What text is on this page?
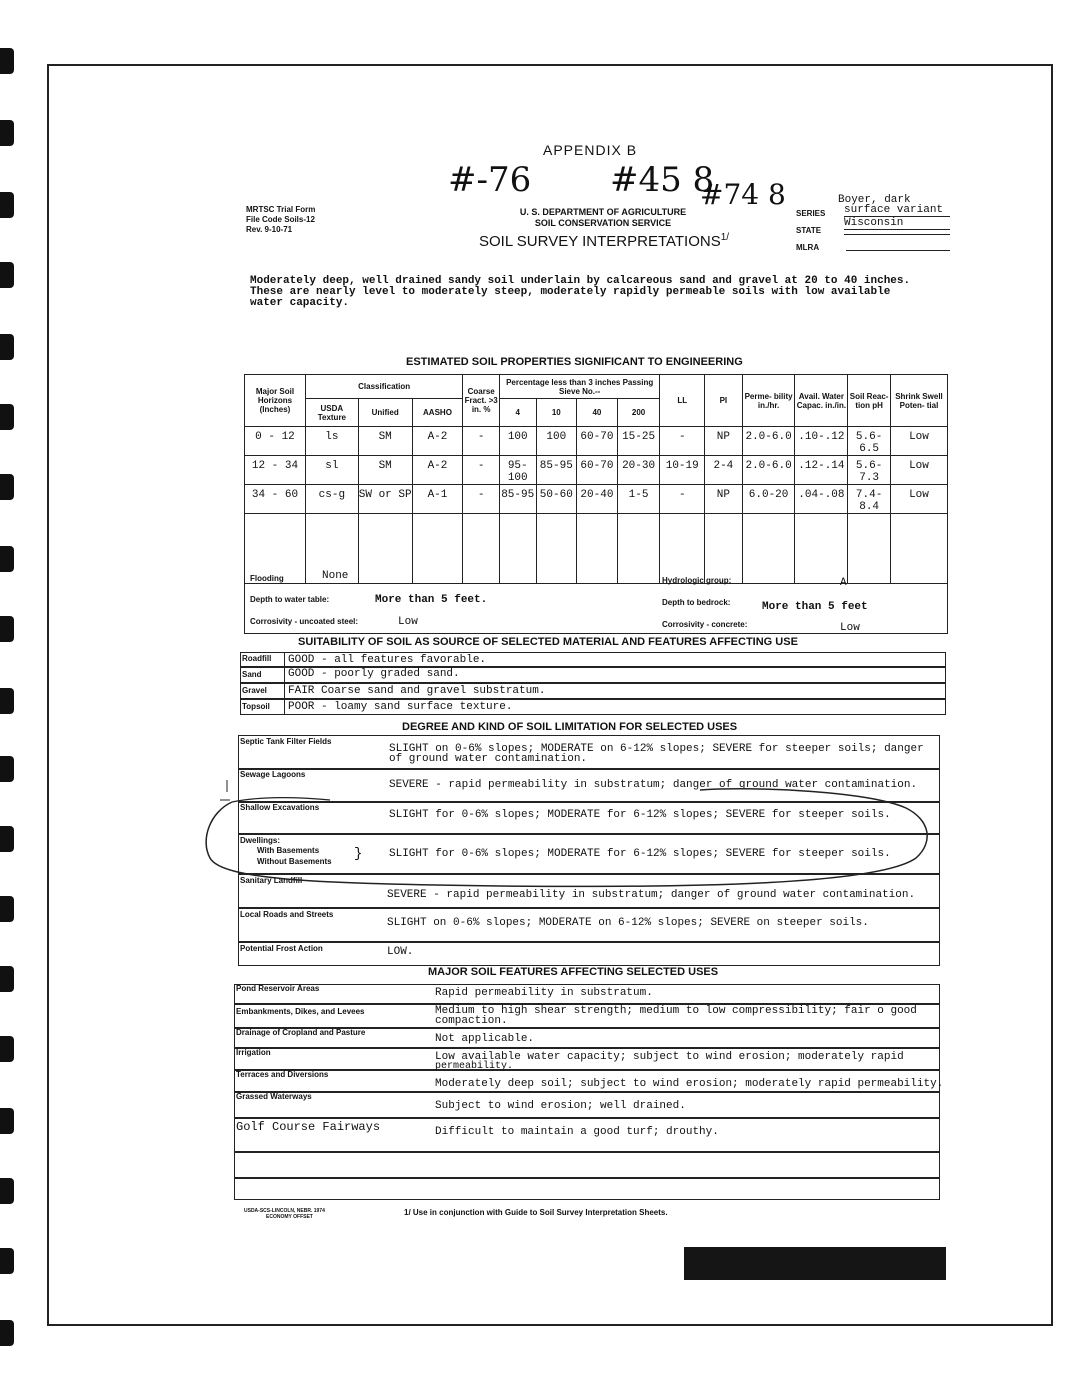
APPENDIX B
#-76 #45 8
#74 8
MRTSC Trial Form
File Code Soils-12
Rev. 9-10-71
U. S. DEPARTMENT OF AGRICULTURE
SOIL CONSERVATION SERVICE
SOIL SURVEY $INTERPRETATIONS^{1/}$
Boyer, dark
SERIES surface variant
STATE
Wisconsin
MLRA
Moderately deep, well drained sandy soil underlain by calcareous sand and gravel at 20 to 40 inches.
These are nearly level to moderately steep, moderately rapidly permeable soils with low available
water capacity.
ESTIMATED SOIL PROPERTIES SIGNIFICANT TO ENGINEERING
Major Soil Horizons (Inches)	Classification			Coarse Fract. >3 in. %	Percentage less than 3 inches Passing Sieve No.--				LL	PI	Perme- bility in./hr.	Avail. Water Capac. in./in.	Soil Reac- tion pH	Shrink Swell Poten- tial
	USDA Texture	Unified	AASHO		4	10	40	200						
0 - 12	ls	SM	A-2	-	100	100	60-70	15-25	-	NP	2.0-6.0	.10-.12	5.6-6.5	Low
12 - 34	sl	SM	A-2	-	95-100	85-95	60-70	20-30	10-19	2-4	2.0-6.0	.12-.14	5.6-7.3	Low
34 - 60	cs-g	SW or SP	A-1	-	85-95	50-60	20-40	1-5	-	NP	6.0-20	.04-.08	7.4-8.4	Low

Flooding	None	Hydrologic group:	A
Depth to water table:	More than 5 feet.	Depth to bedrock:	More than 5 feet
Corrosivity - uncoated steel:	Low	Corrosivity - concrete:	Low
SUITABILITY OF SOIL AS SOURCE OF SELECTED MATERIAL AND FEATURES AFFECTING USE
Roadfill GOOD - all features favorable.
Sand GOOD - poorly graded sand.
Gravel FAIR Coarse sand and gravel substratum.
Topsoil POOR - loamy sand surface texture.
DEGREE AND KIND OF SOIL LIMITATION FOR SELECTED USES
Septic Tank Filter Fields
SLIGHT on 0-6% slopes; MODERATE on 6-12% slopes; SEVERE for steeper soils; danger
of ground water contamination.
Sewage Lagoons
SEVERE - rapid permeability in substratum; danger of ground water contamination.
Shallow Excavations
SLIGHT for 0-6% slopes; MODERATE for 6-12% slopes; SEVERE for steeper soils.
Dwellings:
With Basements
Without Basements } SLIGHT for 0-6% slopes; MODERATE for 6-12% slopes; SEVERE for steeper soils.
Sanitary Landfill
SEVERE - rapid permeability in substratum; danger of ground water contamination.
Local Roads and Streets
SLIGHT on 0-6% slopes; MODERATE on 6-12% slopes; SEVERE on steeper soils.
Potential Frost Action	LOW.
MAJOR SOIL FEATURES AFFECTING SELECTED USES
Pond Reservoir Areas	Rapid permeability in substratum.
Embankments, Dikes, and Levees	Medium to high shear strength; medium to low compressibility; fair o good
compaction.
Drainage of Cropland and Pasture
Not applicable.
Irrigation	Low available water capacity; subject to wind erosion; moderately rapid
permeability.
Terraces and Diversions
Moderately deep soil; subject to wind erosion; moderately rapid permeability.
Grassed Waterways
Subject to wind erosion; well drained.
Golf Course Fairways	Difficult to maintain a good turf; drouthy.
USDA-SCS-LINCOLN, NEBR. 1974
ECONOMY OFFSET	1/ Use in conjunction with Guide to Soil Survey Interpretation Sheets.
